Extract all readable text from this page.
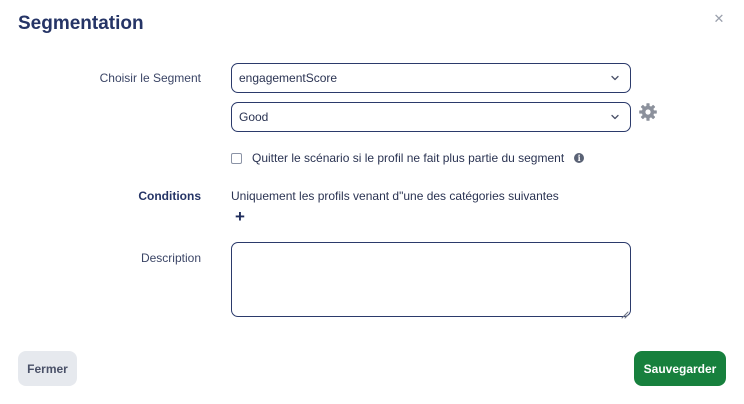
Segmentation	✕
Choisir le Segment	engagementScore
Good
Quitter le scénario si le profil ne fait plus partie du segment	i
Conditions	Uniquement les profils venant d"une des catégories suivantes
+
Description
Fermer	Sauvegarder
